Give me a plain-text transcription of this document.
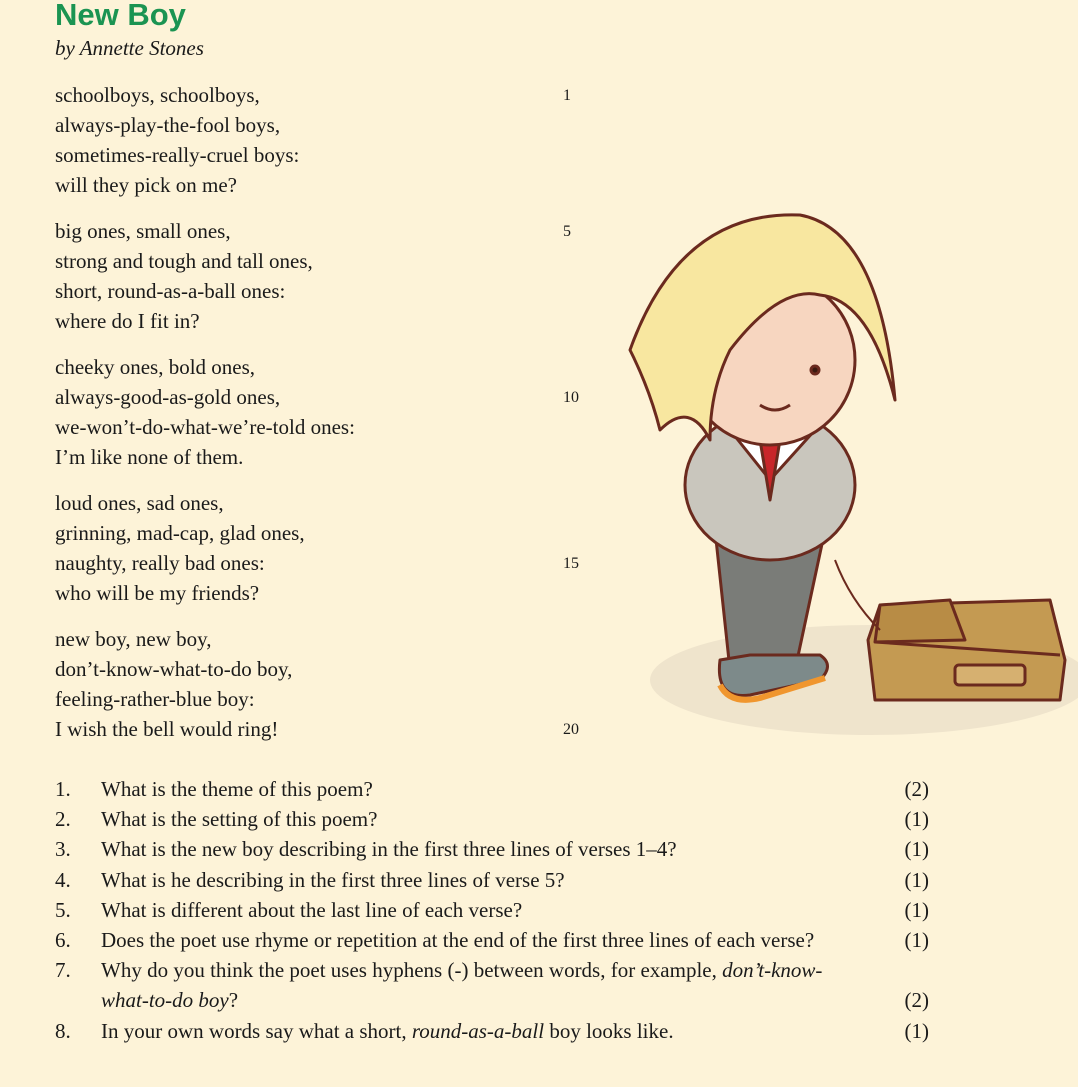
New Boy
by Annette Stones
schoolboys, schoolboys,	1
always-play-the-fool boys,
sometimes-really-cruel boys:
will they pick on me?
big ones, small ones,	5
strong and tough and tall ones,
short, round-as-a-ball ones:
where do I fit in?
cheeky ones, bold ones,
always-good-as-gold ones,	10
we-won’t-do-what-we’re-told ones:
I’m like none of them.
loud ones, sad ones,
grinning, mad-cap, glad ones,
naughty, really bad ones:	15
who will be my friends?
new boy, new boy,
don’t-know-what-to-do boy,
feeling-rather-blue boy:
I wish the bell would ring!	20
1. What is the theme of this poem?	(2)
2. What is the setting of this poem?	(1)
3. What is the new boy describing in the first three lines of verses 1–4?	(1)
4. What is he describing in the first three lines of verse 5?	(1)
5. What is different about the last line of each verse?	(1)
6. Does the poet use rhyme or repetition at the end of the first three lines of each verse?	(1)
7. Why do you think the poet uses hyphens (-) between words, for example, don’t-know-what-to-do boy?	(2)
8. In your own words say what a short, round-as-a-ball boy looks like.	(1)
